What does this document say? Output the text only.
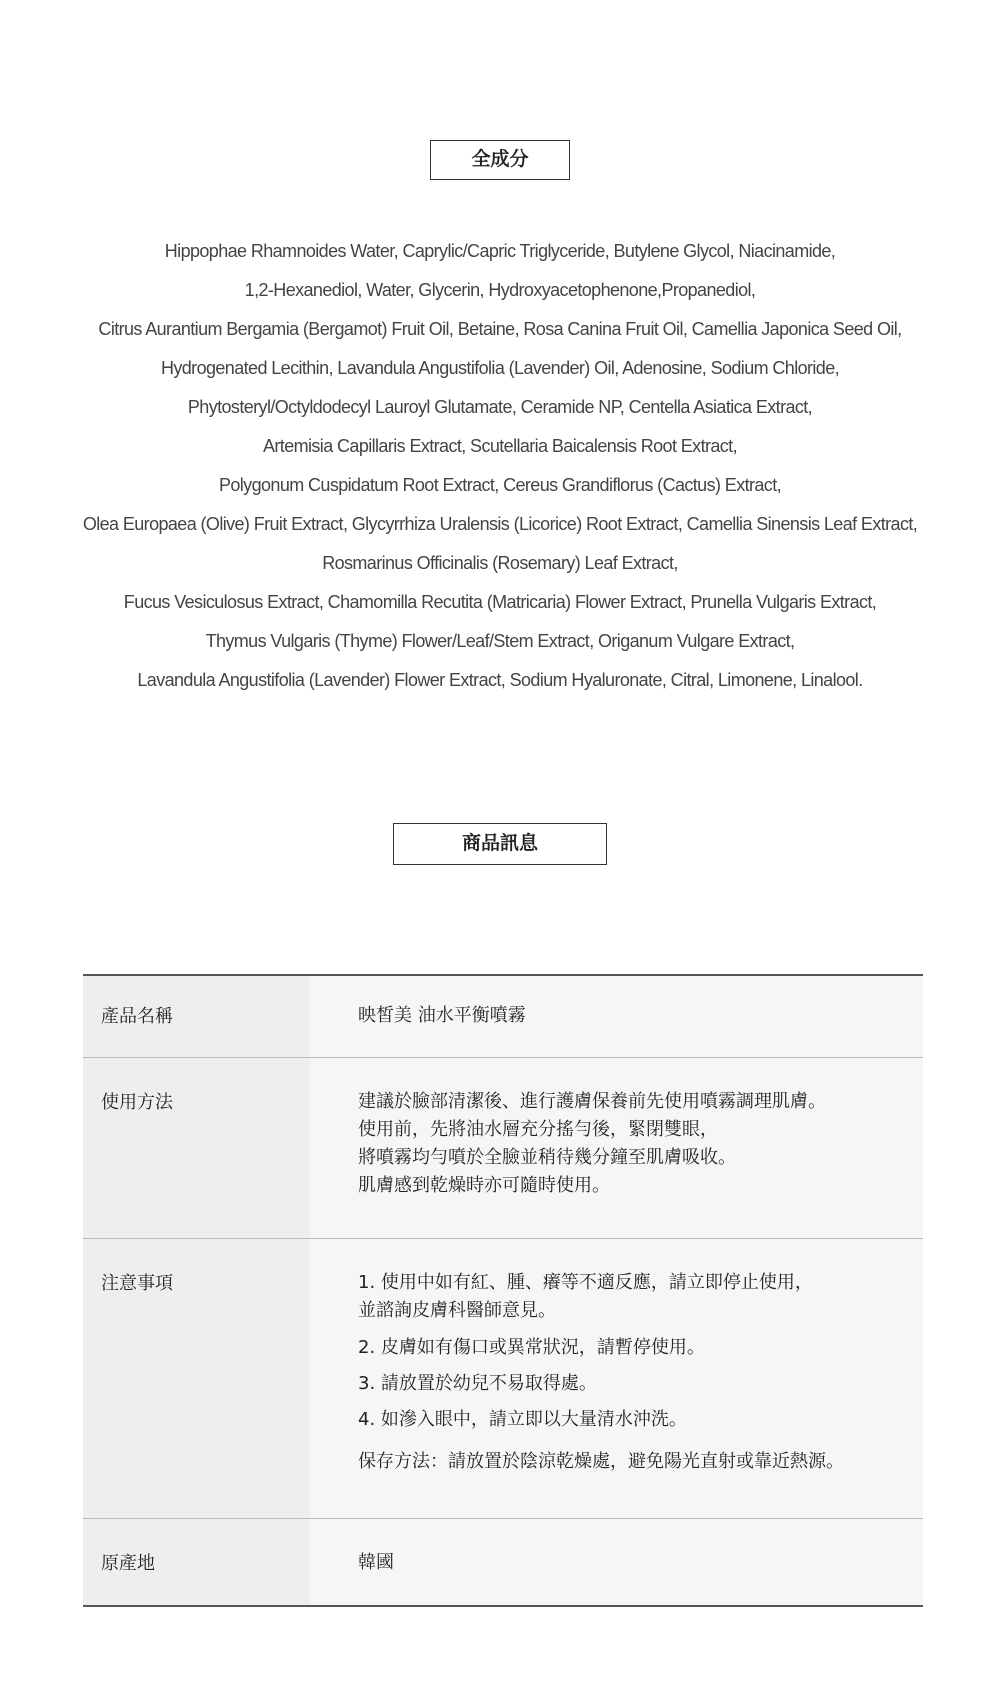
全成分
Hippophae Rhamnoides Water, Caprylic/Capric Triglyceride, Butylene Glycol, Niacinamide,
1,2-Hexanediol, Water, Glycerin, Hydroxyacetophenone,Propanediol,
Citrus Aurantium Bergamia (Bergamot) Fruit Oil, Betaine, Rosa Canina Fruit Oil, Camellia Japonica Seed Oil,
Hydrogenated Lecithin, Lavandula Angustifolia (Lavender) Oil, Adenosine, Sodium Chloride,
Phytosteryl/Octyldodecyl Lauroyl Glutamate, Ceramide NP, Centella Asiatica Extract,
Artemisia Capillaris Extract, Scutellaria Baicalensis Root Extract,
Polygonum Cuspidatum Root Extract, Cereus Grandiflorus (Cactus) Extract,
Olea Europaea (Olive) Fruit Extract, Glycyrrhiza Uralensis (Licorice) Root Extract, Camellia Sinensis Leaf Extract,
Rosmarinus Officinalis (Rosemary) Leaf Extract,
Fucus Vesiculosus Extract, Chamomilla Recutita (Matricaria) Flower Extract, Prunella Vulgaris Extract,
Thymus Vulgaris (Thyme) Flower/Leaf/Stem Extract, Origanum Vulgare Extract,
Lavandula Angustifolia (Lavender) Flower Extract, Sodium Hyaluronate, Citral, Limonene, Linalool.
商品訊息
產品名稱	映皙美 油水平衡噴霧
使用方法	建議於臉部清潔後、進行護膚保養前先使用噴霧調理肌膚。
使用前，先將油水層充分搖勻後，緊閉雙眼，
將噴霧均勻噴於全臉並稍待幾分鐘至肌膚吸收。
肌膚感到乾燥時亦可隨時使用。
注意事項	1. 使用中如有紅、腫、癢等不適反應，請立即停止使用，
並諮詢皮膚科醫師意見。
2. 皮膚如有傷口或異常狀況，請暫停使用。
3. 請放置於幼兒不易取得處。
4. 如滲入眼中，請立即以大量清水沖洗。
保存方法：請放置於陰涼乾燥處，避免陽光直射或靠近熱源。
原產地	韓國
